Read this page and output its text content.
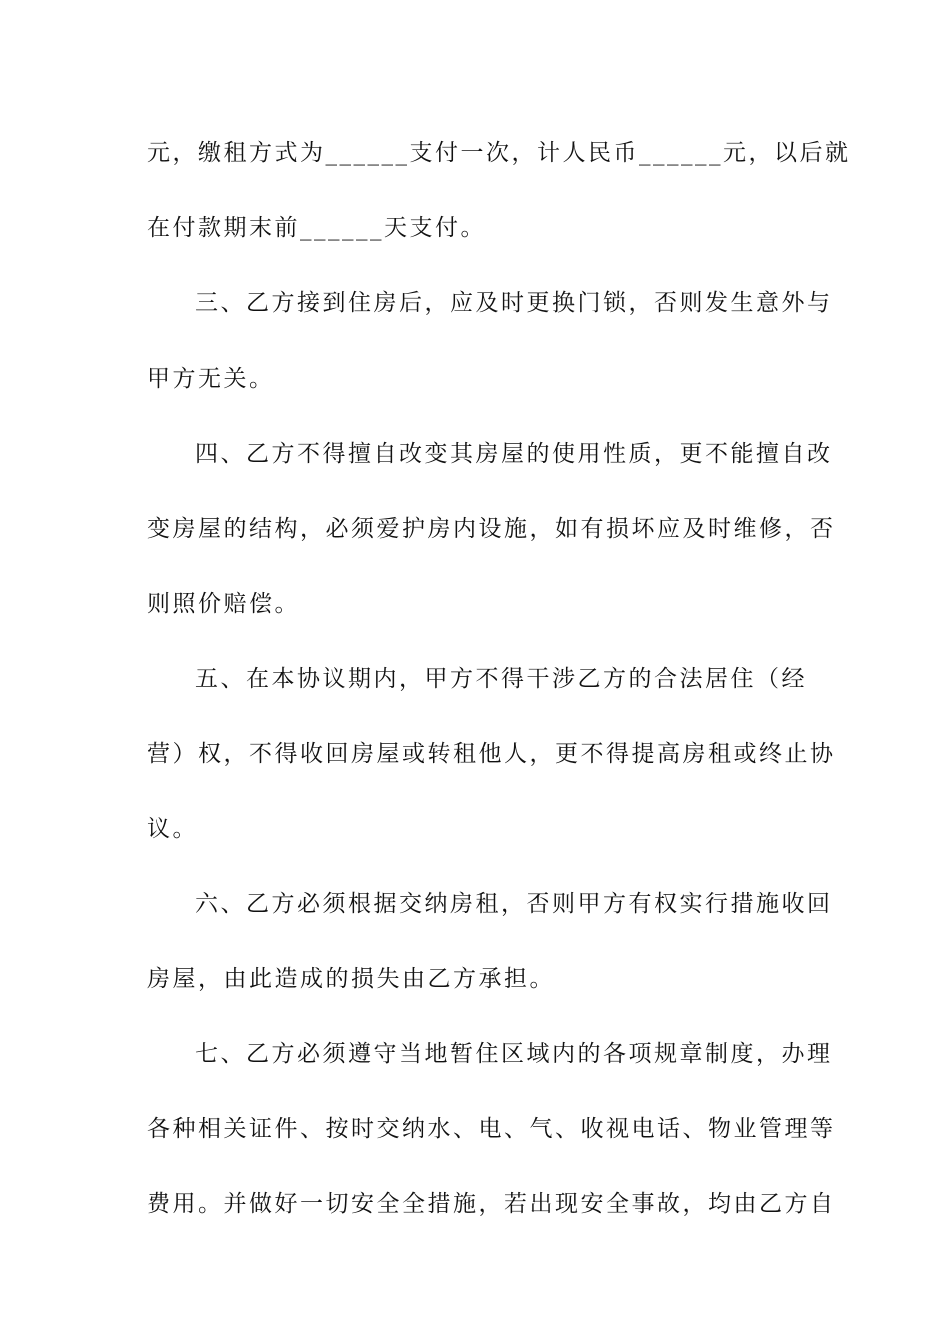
元，缴租方式为______支付一次，计人民币______元，以后就
在付款期末前______天支付。
三、乙方接到住房后，应及时更换门锁，否则发生意外与
甲方无关。
四、乙方不得擅自改变其房屋的使用性质，更不能擅自改
变房屋的结构，必须爱护房内设施，如有损坏应及时维修，否
则照价赔偿。
五、在本协议期内，甲方不得干涉乙方的合法居住（经
营）权，不得收回房屋或转租他人，更不得提高房租或终止协
议。
六、乙方必须根据交纳房租，否则甲方有权实行措施收回
房屋，由此造成的损失由乙方承担。
七、乙方必须遵守当地暂住区域内的各项规章制度，办理
各种相关证件、按时交纳水、电、气、收视电话、物业管理等
费用。并做好一切安全全措施，若出现安全事故，均由乙方自
